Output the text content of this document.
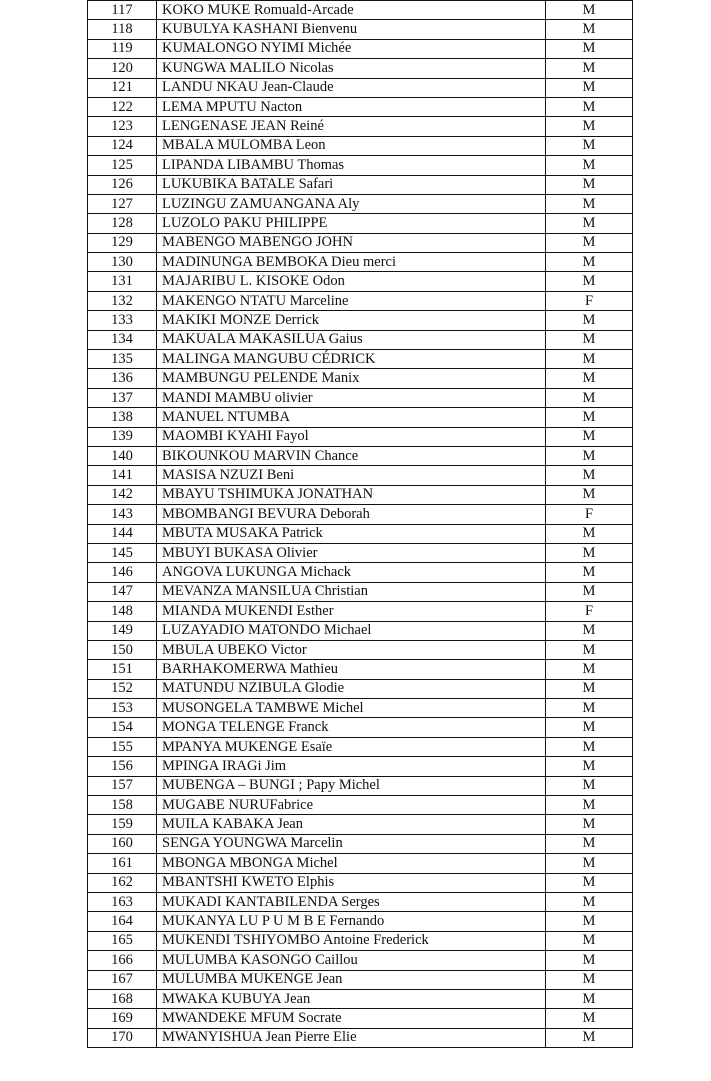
117	KOKO MUKE Romuald-Arcade	M
118	KUBULYA KASHANI Bienvenu	M
119	KUMALONGO NYIMI Michée	M
120	KUNGWA MALILO Nicolas	M
121	LANDU NKAU Jean-Claude	M
122	LEMA MPUTU Nacton	M
123	LENGENASE JEAN Reiné	M
124	MBALA MULOMBA Leon	M
125	LIPANDA LIBAMBU Thomas	M
126	LUKUBIKA BATALE Safari	M
127	LUZINGU ZAMUANGANA Aly	M
128	LUZOLO PAKU PHILIPPE	M
129	MABENGO MABENGO JOHN	M
130	MADINUNGA BEMBOKA Dieu merci	M
131	MAJARIBU L. KISOKE Odon	M
132	MAKENGO NTATU Marceline	F
133	MAKIKI MONZE Derrick	M
134	MAKUALA MAKASILUA Gaius	M
135	MALINGA MANGUBU CÉDRICK	M
136	MAMBUNGU PELENDE Manix	M
137	MANDI MAMBU olivier	M
138	MANUEL NTUMBA	M
139	MAOMBI KYAHI Fayol	M
140	BIKOUNKOU MARVIN Chance	M
141	MASISA NZUZI Beni	M
142	MBAYU TSHIMUKA JONATHAN	M
143	MBOMBANGI BEVURA Deborah	F
144	MBUTA MUSAKA Patrick	M
145	MBUYI BUKASA Olivier	M
146	ANGOVA LUKUNGA Michack	M
147	MEVANZA MANSILUA Christian	M
148	MIANDA MUKENDI Esther	F
149	LUZAYADIO MATONDO Michael	M
150	MBULA UBEKO Victor	M
151	BARHAKOMERWA Mathieu	M
152	MATUNDU NZIBULA Glodie	M
153	MUSONGELA TAMBWE Michel	M
154	MONGA TELENGE Franck	M
155	MPANYA MUKENGE Esaïe	M
156	MPINGA IRAGi Jim	M
157	MUBENGA – BUNGI ; Papy Michel	M
158	MUGABE NURUFabrice	M
159	MUILA KABAKA Jean	M
160	SENGA YOUNGWA Marcelin	M
161	MBONGA MBONGA Michel	M
162	MBANTSHI KWETO Elphis	M
163	MUKADI KANTABILENDA Serges	M
164	MUKANYA LU P U M B E Fernando	M
165	MUKENDI TSHIYOMBO Antoine Frederick	M
166	MULUMBA KASONGO Caillou	M
167	MULUMBA MUKENGE Jean	M
168	MWAKA KUBUYA Jean	M
169	MWANDEKE MFUM Socrate	M
170	MWANYISHUA Jean Pierre Elie	M
